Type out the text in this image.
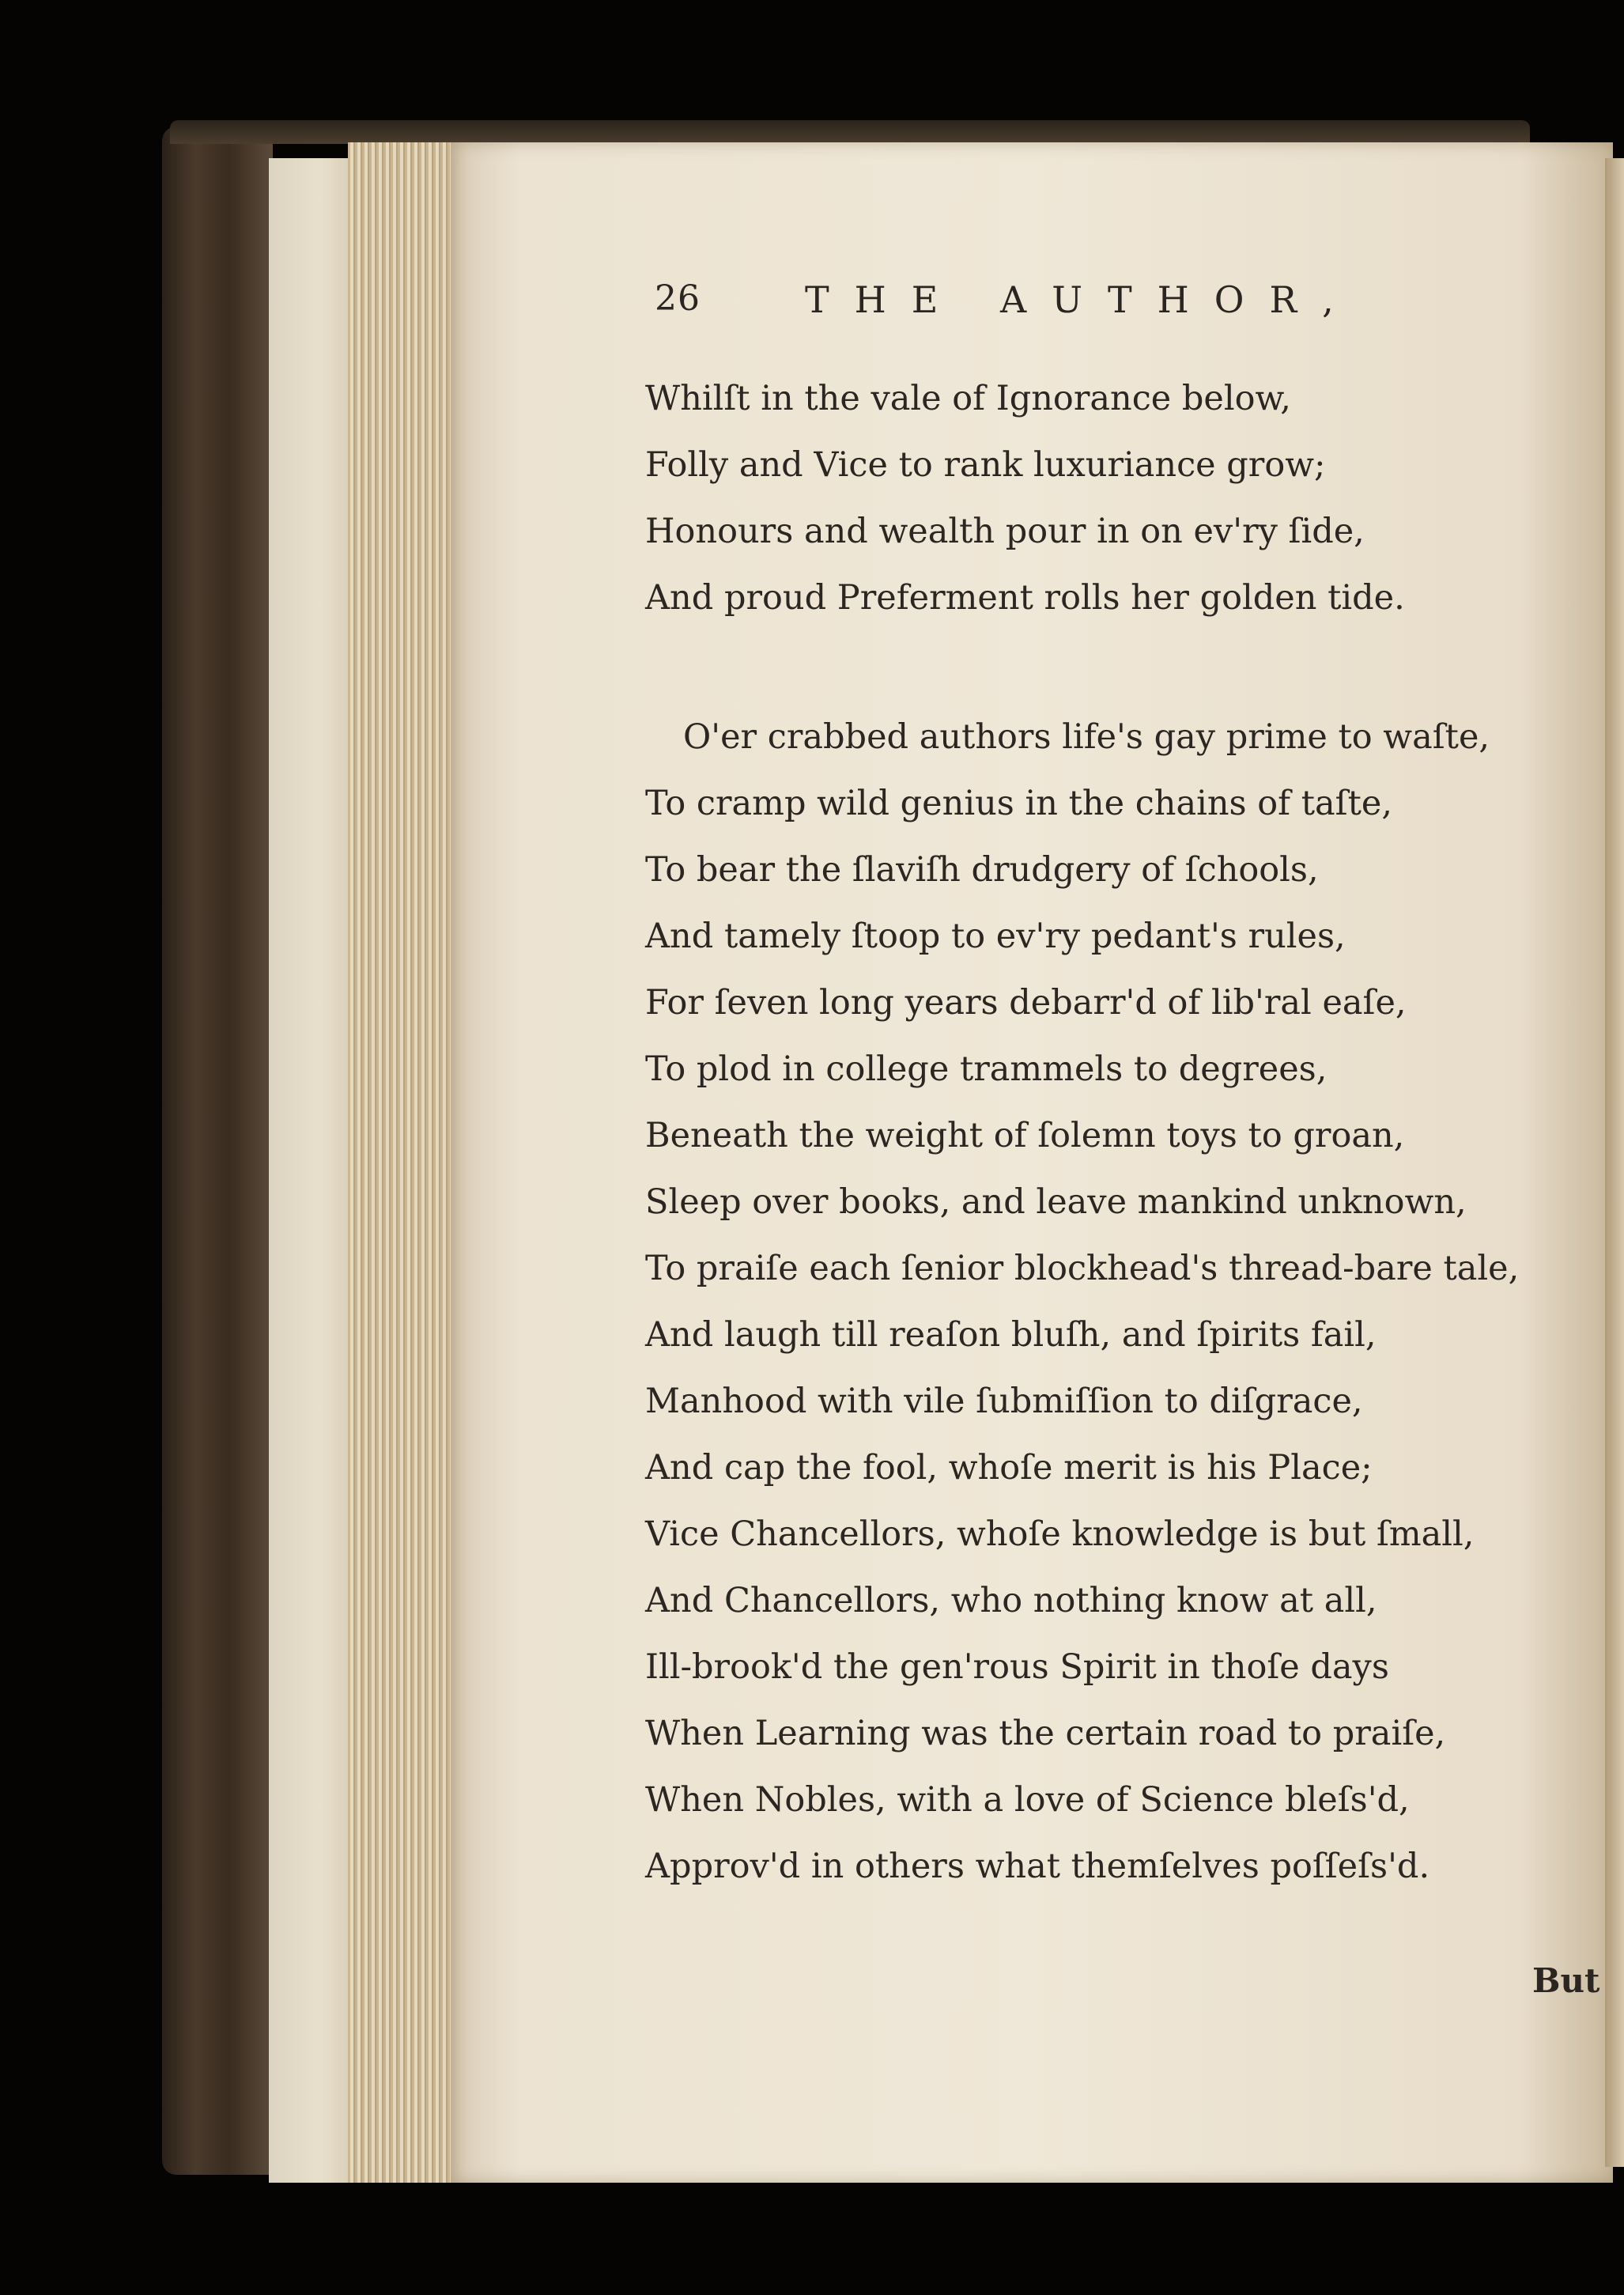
26	THE AUTHOR,
Whilſt in the vale of Ignorance below,
Folly and Vice to rank luxuriance grow;
Honours and wealth pour in on ev'ry ſide,
And proud Preferment rolls her golden tide.
O'er crabbed authors life's gay prime to waſte,
To cramp wild genius in the chains of taſte,
To bear the ſlaviſh drudgery of ſchools,
And tamely ſtoop to ev'ry pedant's rules,
For ſeven long years debarr'd of lib'ral eaſe,
To plod in college trammels to degrees,
Beneath the weight of ſolemn toys to groan,
Sleep over books, and leave mankind unknown,
To praiſe each ſenior blockhead's thread-bare tale,
And laugh till reaſon bluſh, and ſpirits fail,
Manhood with vile ſubmiſſion to diſgrace,
And cap the fool, whoſe merit is his Place;
Vice Chancellors, whoſe knowledge is but ſmall,
And Chancellors, who nothing know at all,
Ill-brook'd the gen'rous Spirit in thoſe days
When Learning was the certain road to praiſe,
When Nobles, with a love of Science bleſs'd,
Approv'd in others what themſelves poſſeſs'd.
But
